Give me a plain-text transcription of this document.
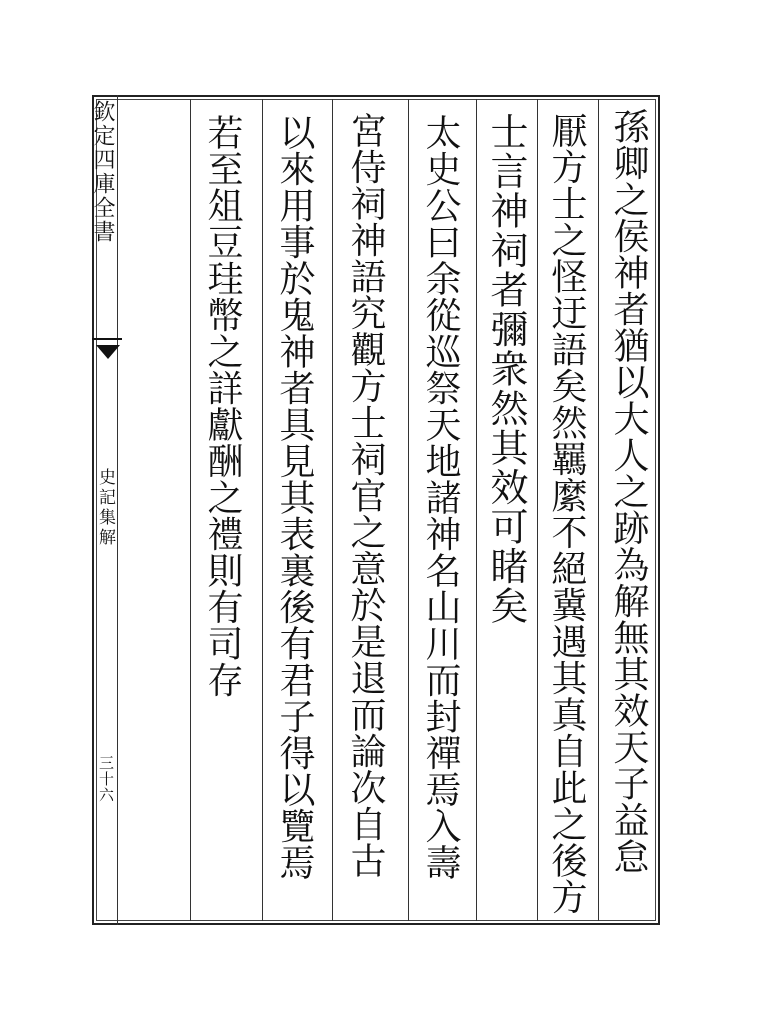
欽定四庫全書
史記集解
三十六	孫卿之侯神者猶以大人之跡為解無其效天子益怠
厭方士之怪迂語矣然羈縻不絕冀遇其真自此之後方
士言神祠者彌衆然其效可睹矣
太史公曰余從巡祭天地諸神名山川而封禪焉入壽
宮侍祠神語究觀方士祠官之意於是退而論次自古
以來用事於鬼神者具見其表裏後有君子得以覽焉
若至俎豆珪幣之詳獻酬之禮則有司存
